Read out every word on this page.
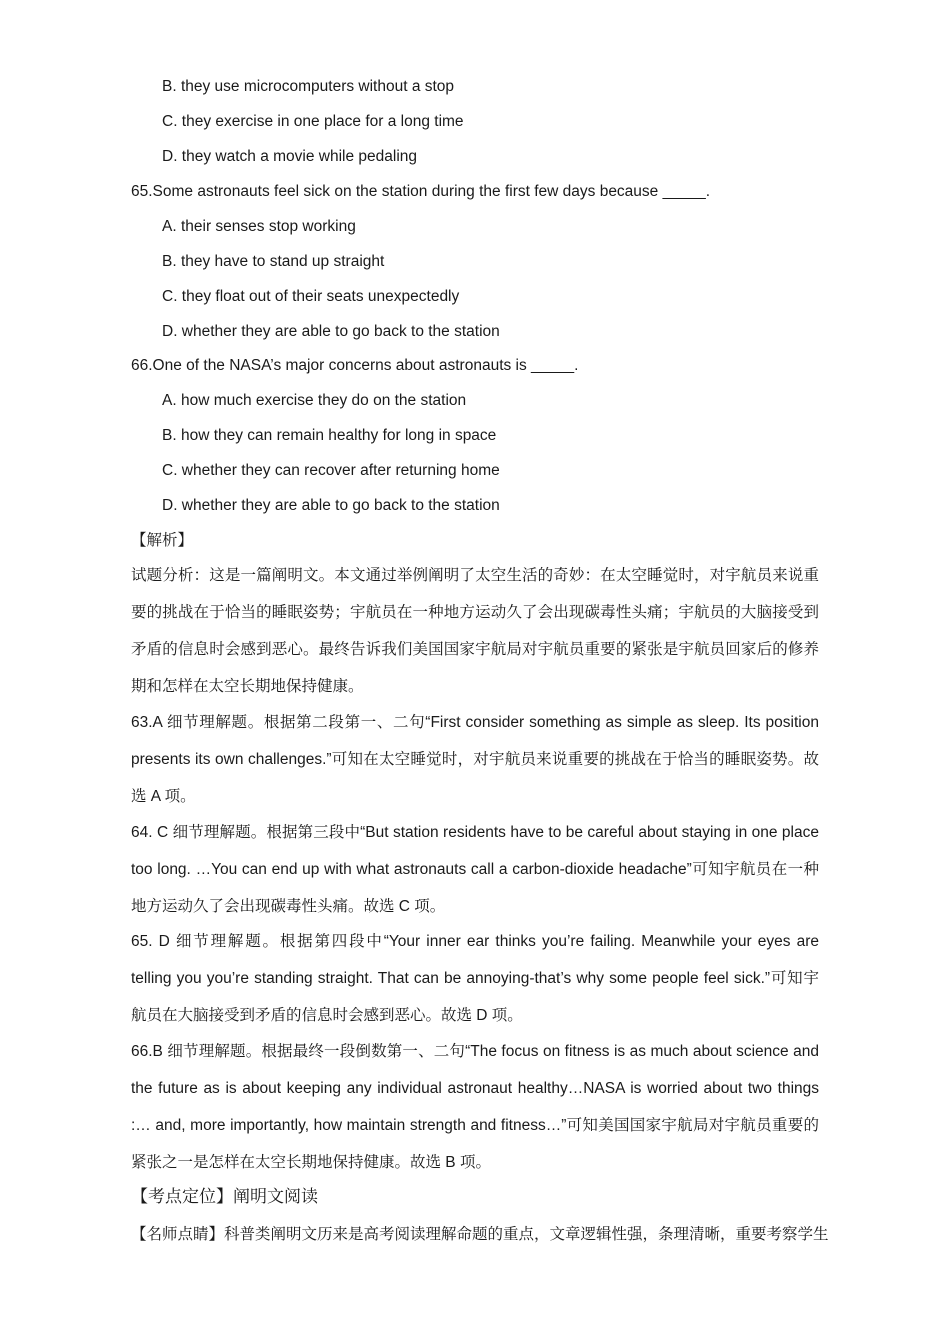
B. they use microcomputers without a stop
C. they exercise in one place for a long time
D. they watch a movie while pedaling
65.Some astronauts feel sick on the station during the first few days because _____.
A. their senses stop working
B. they have to stand up straight
C. they float out of their seats unexpectedly
D. whether they are able to go back to the station
66.One of the NASA’s major concerns about astronauts is _____.
A. how much exercise they do on the station
B. how they can remain healthy for long in space
C. whether they can recover after returning home
D. whether they are able to go back to the station
【解析】

试题分析：这是一篇阐明文。本文通过举例阐明了太空生活的奇妙：在太空睡觉时，对宇航员来说重要的挑战在于恰当的睡眠姿势；宇航员在一种地方运动久了会出现碳毒性头痛；宇航员的大脑接受到矛盾的信息时会感到恶心。最终告诉我们美国国家宇航局对宇航员重要的紧张是宇航员回家后的修养期和怎样在太空长期地保持健康。

63.A 细节理解题。根据第二段第一、二句“First consider something as simple as sleep. Its position presents its own challenges.”可知在太空睡觉时，对宇航员来说重要的挑战在于恰当的睡眠姿势。故选 A 项。

64. C 细节理解题。根据第三段中“But station residents have to be careful about staying in one place too long. …You can end up with what astronauts call a carbon-dioxide headache”可知宇航员在一种地方运动久了会出现碳毒性头痛。故选 C 项。

65. D 细节理解题。根据第四段中“Your inner ear thinks you’re failing. Meanwhile your eyes are telling you you’re standing straight. That can be annoying-that’s why some people feel sick.”可知宇航员在大脑接受到矛盾的信息时会感到恶心。故选 D 项。

66.B 细节理解题。根据最终一段倒数第一、二句“The focus on fitness is as much about science and the future as is about keeping any individual astronaut healthy…NASA is worried about two things :… and, more importantly, how maintain strength and fitness…”可知美国国家宇航局对宇航员重要的紧张之一是怎样在太空长期地保持健康。故选 B 项。

【考点定位】阐明文阅读
【名师点睛】科普类阐明文历来是高考阅读理解命题的重点，文章逻辑性强，条理清晰，重要考察学生
